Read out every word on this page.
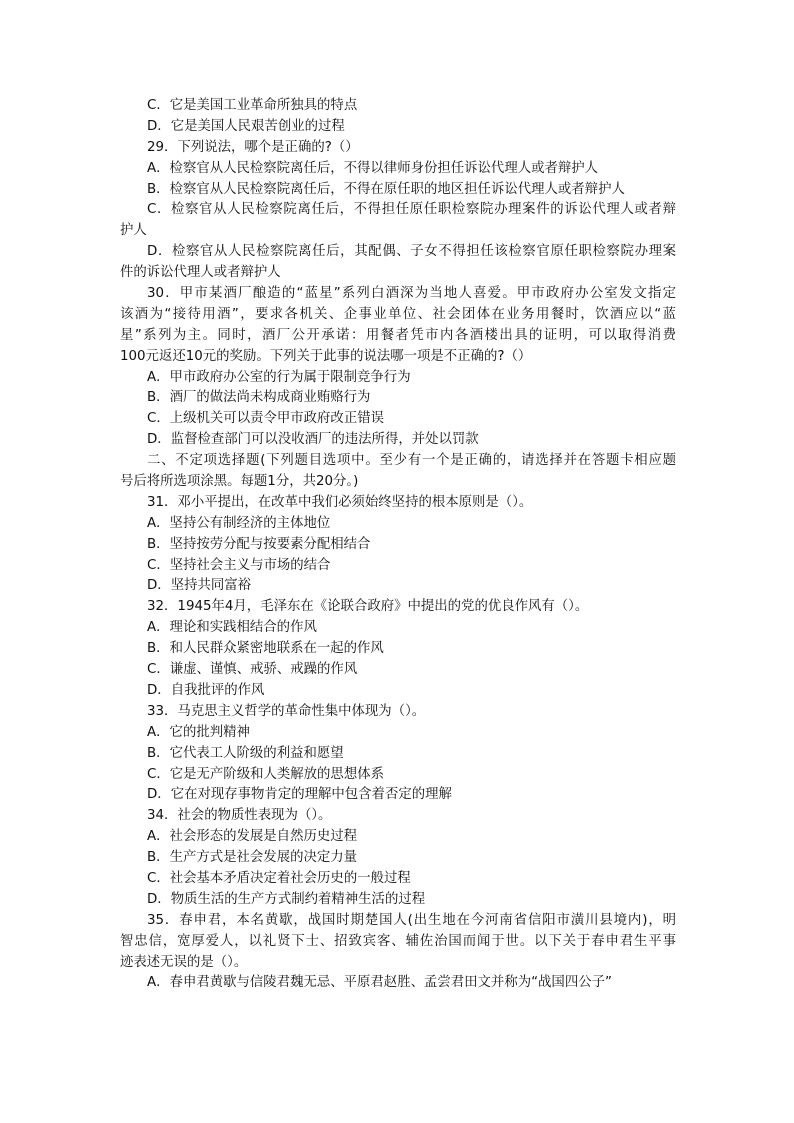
C．它是美国工业革命所独具的特点
D．它是美国人民艰苦创业的过程
29．下列说法，哪个是正确的?（）
A．检察官从人民检察院离任后，不得以律师身份担任诉讼代理人或者辩护人
B．检察官从人民检察院离任后，不得在原任职的地区担任诉讼代理人或者辩护人
C．检察官从人民检察院离任后，不得担任原任职检察院办理案件的诉讼代理人或者辩
护人
D．检察官从人民检察院离任后，其配偶、子女不得担任该检察官原任职检察院办理案
件的诉讼代理人或者辩护人
30．甲市某酒厂酿造的“蓝星”系列白酒深为当地人喜爱。甲市政府办公室发文指定
该酒为“接待用酒”，要求各机关、企事业单位、社会团体在业务用餐时，饮酒应以“蓝
星”系列为主。同时，酒厂公开承诺：用餐者凭市内各酒楼出具的证明，可以取得消费
100元返还10元的奖励。下列关于此事的说法哪一项是不正确的?（）
A．甲市政府办公室的行为属于限制竞争行为
B．酒厂的做法尚未构成商业贿赂行为
C．上级机关可以责令甲市政府改正错误
D．监督检查部门可以没收酒厂的违法所得，并处以罚款
二、不定项选择题(下列题目选项中。至少有一个是正确的，请选择并在答题卡相应题
号后将所选项涂黑。每题1分，共20分。)
31．邓小平提出，在改革中我们必须始终坚持的根本原则是（）。
A．坚持公有制经济的主体地位
B．坚持按劳分配与按要素分配相结合
C．坚持社会主义与市场的结合
D．坚持共同富裕
32．1945年4月，毛泽东在《论联合政府》中提出的党的优良作风有（）。
A．理论和实践相结合的作风
B．和人民群众紧密地联系在一起的作风
C．谦虚、谨慎、戒骄、戒躁的作风
D．自我批评的作风
33．马克思主义哲学的革命性集中体现为（）。
A．它的批判精神
B．它代表工人阶级的利益和愿望
C．它是无产阶级和人类解放的思想体系
D．它在对现存事物肯定的理解中包含着否定的理解
34．社会的物质性表现为（）。
A．社会形态的发展是自然历史过程
B．生产方式是社会发展的决定力量
C．社会基本矛盾决定着社会历史的一般过程
D．物质生活的生产方式制约着精神生活的过程
35．春申君，本名黄歇，战国时期楚国人(出生地在今河南省信阳市潢川县境内)，明
智忠信，宽厚爱人，以礼贤下士、招致宾客、辅佐治国而闻于世。以下关于春申君生平事
迹表述无误的是（）。
A．春申君黄歇与信陵君魏无忌、平原君赵胜、孟尝君田文并称为“战国四公子”
